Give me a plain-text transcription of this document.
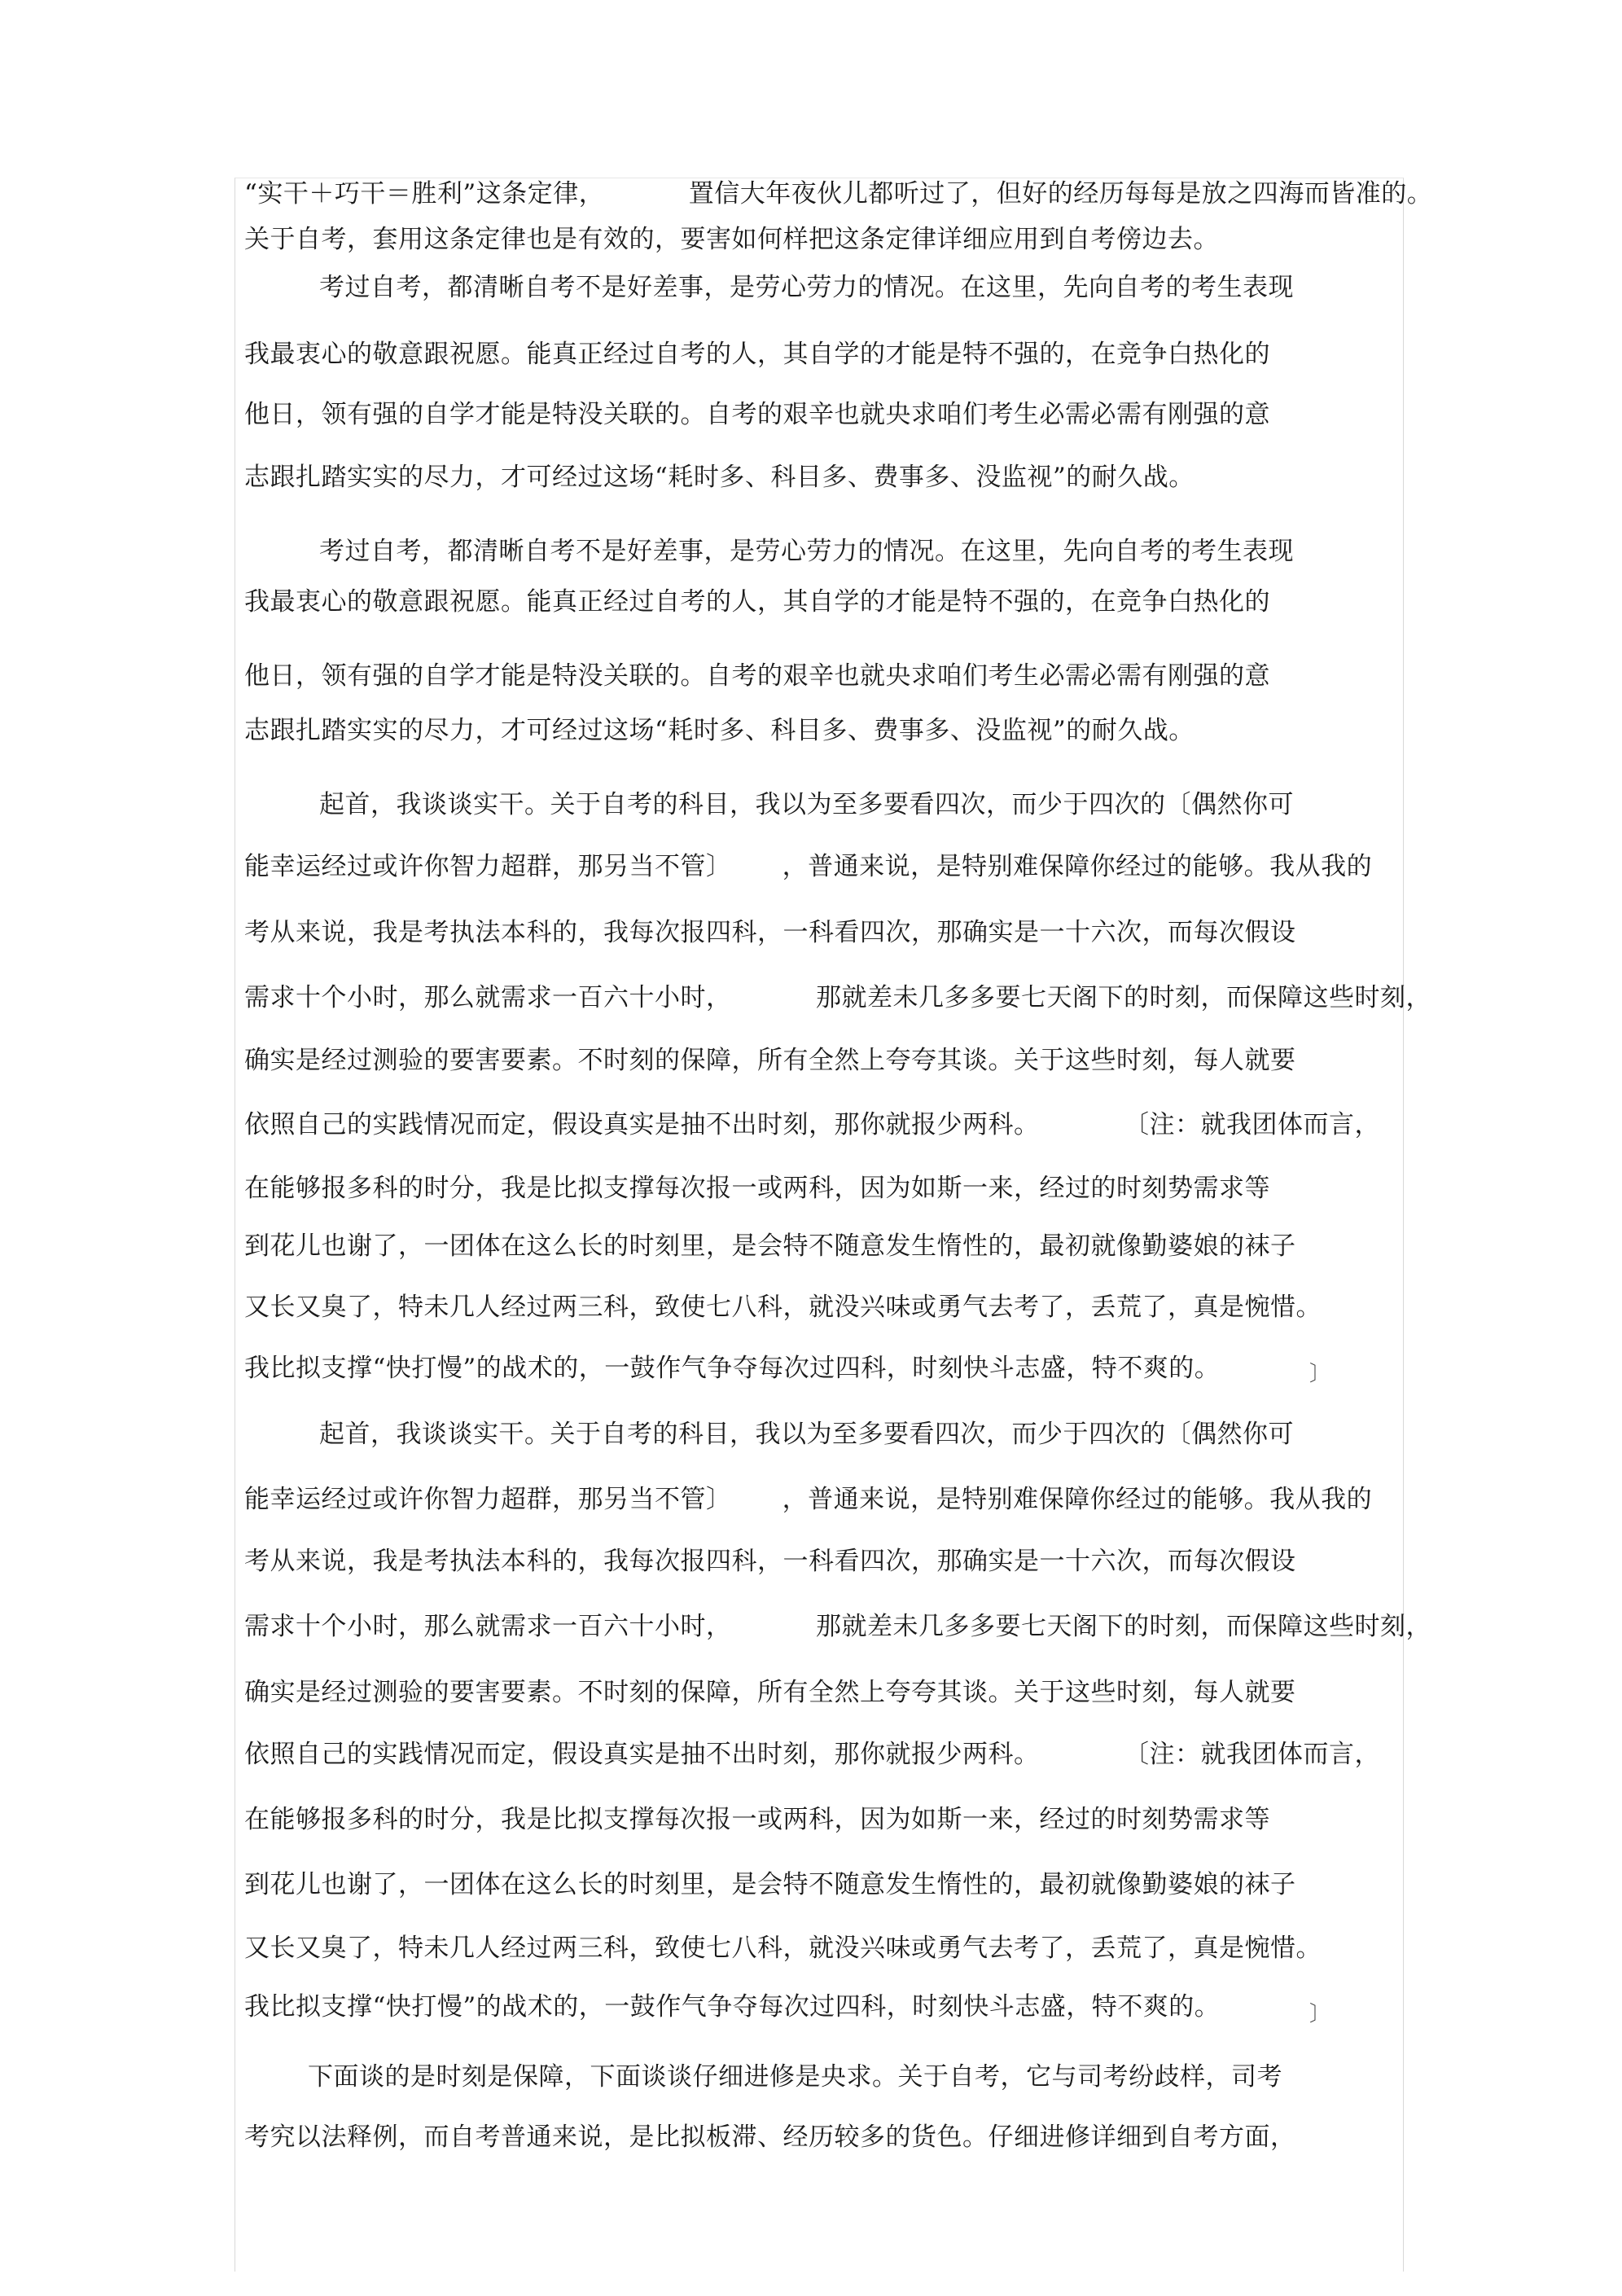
“实干＋巧干＝胜利”这条定律，          置信大年夜伙儿都听过了，但好的经历每每是放之四海而皆准的。
关于自考，套用这条定律也是有效的，要害如何样把这条定律详细应用到自考傍边去。
考过自考，都清晰自考不是好差事，是劳心劳力的情况。在这里，先向自考的考生表现
我最衷心的敬意跟祝愿。能真正经过自考的人，其自学的才能是特不强的，在竞争白热化的
他日，领有强的自学才能是特没关联的。自考的艰辛也就央求咱们考生必需必需有刚强的意
志跟扎踏实实的尽力，才可经过这场“耗时多、科目多、费事多、没监视”的耐久战。
考过自考，都清晰自考不是好差事，是劳心劳力的情况。在这里，先向自考的考生表现
我最衷心的敬意跟祝愿。能真正经过自考的人，其自学的才能是特不强的，在竞争白热化的
他日，领有强的自学才能是特没关联的。自考的艰辛也就央求咱们考生必需必需有刚强的意
志跟扎踏实实的尽力，才可经过这场“耗时多、科目多、费事多、没监视”的耐久战。
起首，我谈谈实干。关于自考的科目，我以为至多要看四次，而少于四次的〔偶然你可
能幸运经过或许你智力超群，那另当不管〕      ，普通来说，是特别难保障你经过的能够。我从我的
考从来说，我是考执法本科的，我每次报四科，一科看四次，那确实是一十六次，而每次假设
需求十个小时，那么就需求一百六十小时，          那就差未几多多要七天阁下的时刻，而保障这些时刻，
确实是经过测验的要害要素。不时刻的保障，所有全然上夸夸其谈。关于这些时刻，每人就要
依照自己的实践情况而定，假设真实是抽不出时刻，那你就报少两科。          〔注：就我团体而言，
在能够报多科的时分，我是比拟支撑每次报一或两科，因为如斯一来，经过的时刻势需求等
到花儿也谢了，一团体在这么长的时刻里，是会特不随意发生惰性的，最初就像勤婆娘的袜子
又长又臭了，特未几人经过两三科，致使七八科，就没兴味或勇气去考了，丢荒了，真是惋惜。
我比拟支撑“快打慢”的战术的，一鼓作气争夺每次过四科，时刻快斗志盛，特不爽的。	〕
起首，我谈谈实干。关于自考的科目，我以为至多要看四次，而少于四次的〔偶然你可
能幸运经过或许你智力超群，那另当不管〕      ，普通来说，是特别难保障你经过的能够。我从我的
考从来说，我是考执法本科的，我每次报四科，一科看四次，那确实是一十六次，而每次假设
需求十个小时，那么就需求一百六十小时，          那就差未几多多要七天阁下的时刻，而保障这些时刻，
确实是经过测验的要害要素。不时刻的保障，所有全然上夸夸其谈。关于这些时刻，每人就要
依照自己的实践情况而定，假设真实是抽不出时刻，那你就报少两科。          〔注：就我团体而言，
在能够报多科的时分，我是比拟支撑每次报一或两科，因为如斯一来，经过的时刻势需求等
到花儿也谢了，一团体在这么长的时刻里，是会特不随意发生惰性的，最初就像勤婆娘的袜子
又长又臭了，特未几人经过两三科，致使七八科，就没兴味或勇气去考了，丢荒了，真是惋惜。
我比拟支撑“快打慢”的战术的，一鼓作气争夺每次过四科，时刻快斗志盛，特不爽的。	〕
下面谈的是时刻是保障，下面谈谈仔细进修是央求。关于自考，它与司考纷歧样，司考
考究以法释例，而自考普通来说，是比拟板滞、经历较多的货色。仔细进修详细到自考方面，
